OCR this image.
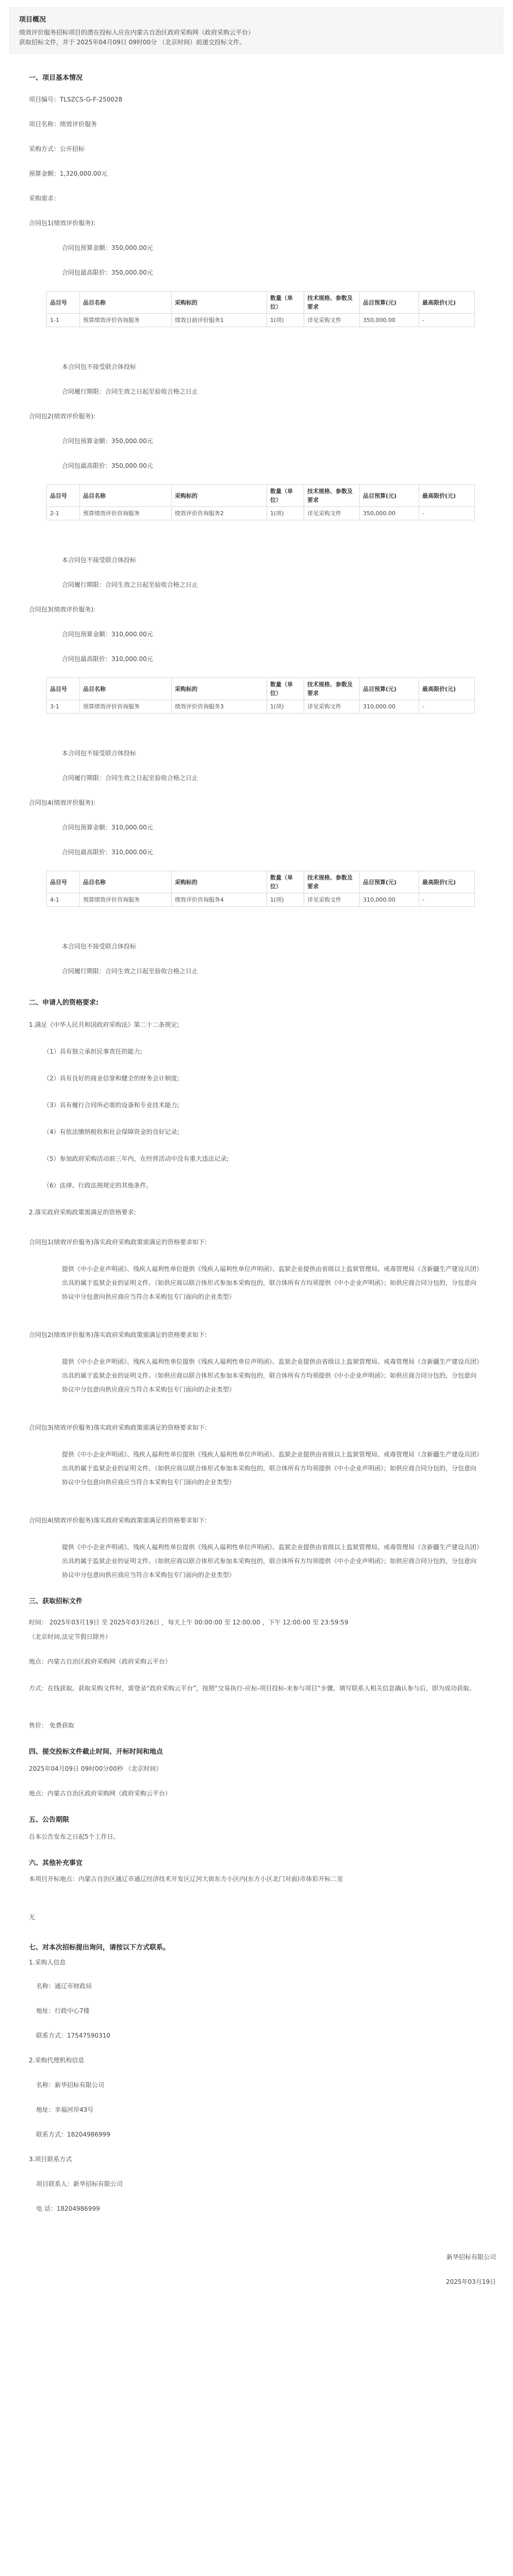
项目概况
绩效评价服务招标项目的潜在投标人应在内蒙古自治区政府采购网（政府采购云平台）
获取招标文件，并于 2025年04月09日 09时00分 （北京时间）前递交投标文件。
一、项目基本情况
项目编号：TLSZCS-G-F-250028
项目名称：绩效评价服务
采购方式：公开招标
预算金额：1,320,000.00元
采购需求：
合同包1(绩效评价服务):
合同包预算金额：350,000.00元
合同包最高限价：350,000.00元
品目号	品目名称	采购标的	数量（单位）	技术规格、参数及要求	品目预算(元)	最高限价(元)
1-1	预算绩效评价咨询服务	绩效目前评价服务1	1(项)	详见采购文件	350,000.00	-
本合同包不接受联合体投标
合同履行期限：合同生效之日起至验收合格之日止
合同包2(绩效评价服务):
合同包预算金额：350,000.00元
合同包最高限价：350,000.00元
品目号	品目名称	采购标的	数量（单位）	技术规格、参数及要求	品目预算(元)	最高限价(元)
2-1	预算绩效评价咨询服务	绩效评价咨询服务2	1(项)	详见采购文件	350,000.00	-
本合同包不接受联合体投标
合同履行期限：合同生效之日起至验收合格之日止
合同包3(绩效评价服务):
合同包预算金额：310,000.00元
合同包最高限价：310,000.00元
品目号	品目名称	采购标的	数量（单位）	技术规格、参数及要求	品目预算(元)	最高限价(元)
3-1	预算绩效评价咨询服务	绩效评价咨询服务3	1(项)	详见采购文件	310,000.00	-
本合同包不接受联合体投标
合同履行期限：合同生效之日起至验收合格之日止
合同包4(绩效评价服务):
合同包预算金额：310,000.00元
合同包最高限价：310,000.00元
品目号	品目名称	采购标的	数量（单位）	技术规格、参数及要求	品目预算(元)	最高限价(元)
4-1	预算绩效评价咨询服务	绩效评价咨询服务4	1(项)	详见采购文件	310,000.00	-
本合同包不接受联合体投标
合同履行期限：合同生效之日起至验收合格之日止
二、申请人的资格要求:
1.满足《中华人民共和国政府采购法》第二十二条规定;
（1）具有独立承担民事责任的能力;
（2）具有良好的商业信誉和健全的财务会计制度;
（3）具有履行合同所必需的设备和专业技术能力;
（4）有依法缴纳税收和社会保障资金的良好记录;
（5）参加政府采购活动前三年内，在经营活动中没有重大违法记录;
（6）法律、行政法规规定的其他条件。
2.落实政府采购政策需满足的资格要求:
合同包1(绩效评价服务)落实政府采购政策需满足的资格要求如下:
提供《中小企业声明函》、残疾人福利性单位提供《残疾人福利性单位声明函》、监狱企业提供由省级以上监狱管理局、戒毒管理局（含新疆生产建设兵团）出具的属于监狱企业的证明文件。（如供应商以联合体形式参加本采购包的，联合体所有方均须提供《中小企业声明函》；如供应商合同分包的，分包意向协议中分包意向供应商应当符合本采购包专门面向的企业类型）
合同包2(绩效评价服务)落实政府采购政策需满足的资格要求如下:
提供《中小企业声明函》、残疾人福利性单位提供《残疾人福利性单位声明函》、监狱企业提供由省级以上监狱管理局、戒毒管理局（含新疆生产建设兵团）出具的属于监狱企业的证明文件。（如供应商以联合体形式参加本采购包的，联合体所有方均须提供《中小企业声明函》；如供应商合同分包的，分包意向协议中分包意向供应商应当符合本采购包专门面向的企业类型）
合同包3(绩效评价服务)落实政府采购政策需满足的资格要求如下:
提供《中小企业声明函》、残疾人福利性单位提供《残疾人福利性单位声明函》、监狱企业提供由省级以上监狱管理局、戒毒管理局（含新疆生产建设兵团）出具的属于监狱企业的证明文件。（如供应商以联合体形式参加本采购包的，联合体所有方均须提供《中小企业声明函》；如供应商合同分包的，分包意向协议中分包意向供应商应当符合本采购包专门面向的企业类型）
合同包4(绩效评价服务)落实政府采购政策需满足的资格要求如下:
提供《中小企业声明函》、残疾人福利性单位提供《残疾人福利性单位声明函》、监狱企业提供由省级以上监狱管理局、戒毒管理局（含新疆生产建设兵团）出具的属于监狱企业的证明文件。（如供应商以联合体形式参加本采购包的，联合体所有方均须提供《中小企业声明函》；如供应商合同分包的，分包意向协议中分包意向供应商应当符合本采购包专门面向的企业类型）
三、获取招标文件
时间： 2025年03月19日 至 2025年03月26日 ，每天上午 00:00:00 至 12:00:00 ，下午 12:00:00 至 23:59:59
（北京时间,法定节假日除外）
地点：内蒙古自治区政府采购网（政府采购云平台）
方式：在线获取。获取采购文件时，需登录“政府采购云平台”，按照“交易执行-应标-项目投标-未参与项目”步骤，填写联系人相关信息确认参与后，即为成功获取。
售价： 免费获取
四、提交投标文件截止时间、开标时间和地点
2025年04月09日 09时00分00秒 （北京时间）
地点：内蒙古自治区政府采购网（政府采购云平台）
五、公告期限
自本公告发布之日起5个工作日。
六、其他补充事宜
本项目开标地点：内蒙古自治区通辽市通辽经济技术开发区辽河大街东方小区内(东方小区北门对面)市体彩开标二室
无
七、对本次招标提出询问，请按以下方式联系。
1.采购人信息
名称：通辽市财政局
地址：行政中心7楼
联系方式：17547590310
2.采购代理机构信息
名称：新华招标有限公司
地址：幸福河岸43号
联系方式：18204986999
3.项目联系方式
项目联系人：新华招标有限公司
电 话：18204986999
新华招标有限公司
2025年03月19日
